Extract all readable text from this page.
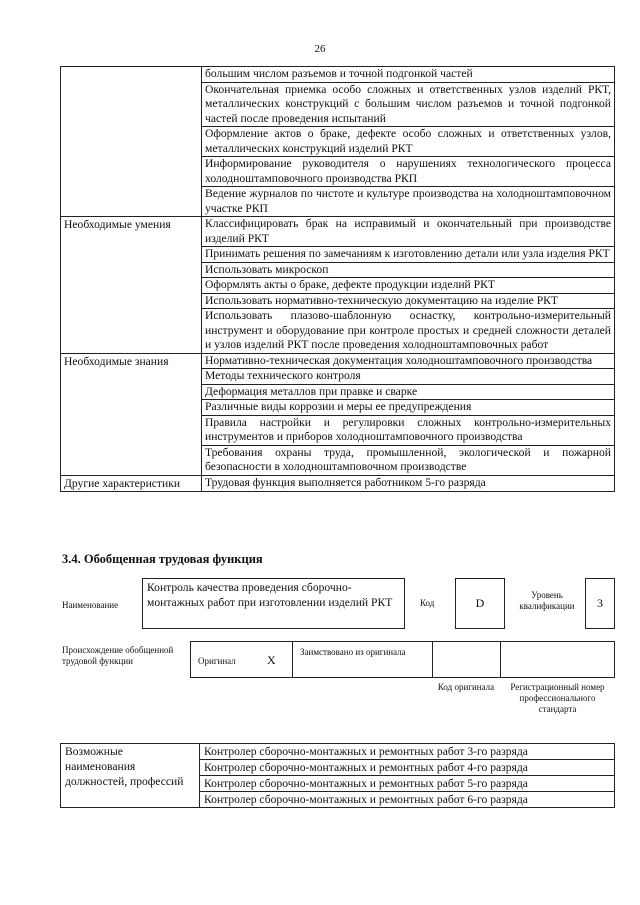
26
	большим числом разъемов и точной подгонкой частей
	Окончательная приемка особо сложных и ответственных узлов изделий РКТ, металлических конструкций с большим числом разъемов и точной подгонкой частей после проведения испытаний
	Оформление актов о браке, дефекте особо сложных и ответственных узлов, металлических конструкций изделий РКТ
	Информирование руководителя о нарушениях технологического процесса холодноштамповочного производства РКП
	Ведение журналов по чистоте и культуре производства на холодноштамповочном участке РКП
Необходимые умения	Классифицировать брак на исправимый и окончательный при производстве изделий РКТ
	Принимать решения по замечаниям к изготовлению детали или узла изделия РКТ
	Использовать микроскоп
	Оформлять акты о браке, дефекте продукции изделий РКТ
	Использовать нормативно-техническую документацию на изделие РКТ
	Использовать плазово-шаблонную оснастку, контрольно-измерительный инструмент и оборудование при контроле простых и средней сложности деталей и узлов изделий РКТ после проведения холодноштамповочных работ
Необходимые знания	Нормативно-техническая документация холодноштамповочного производства
	Методы технического контроля
	Деформация металлов при правке и сварке
	Различные виды коррозии и меры ее предупреждения
	Правила настройки и регулировки сложных контрольно-измерительных инструментов и приборов холодноштамповочного производства
	Требования охраны труда, промышленной, экологической и пожарной безопасности в холодноштамповочном производстве
Другие характеристики	Трудовая функция выполняется работником 5-го разряда
3.4. Обобщенная трудовая функция
Наименование
Контроль качества проведения сборочно-монтажных работ при изготовлении изделий РКТ	Код	D
Уровень квалификации	3
Происхождение обобщенной трудовой функции	Оригинал	X
Заимствовано из оригинала
Код оригинала	Регистрационный номер профессионального стандарта
Возможные наименования должностей, профессий	Контролер сборочно-монтажных и ремонтных работ 3-го разряда
Контролер сборочно-монтажных и ремонтных работ 4-го разряда
Контролер сборочно-монтажных и ремонтных работ 5-го разряда
Контролер сборочно-монтажных и ремонтных работ 6-го разряда
